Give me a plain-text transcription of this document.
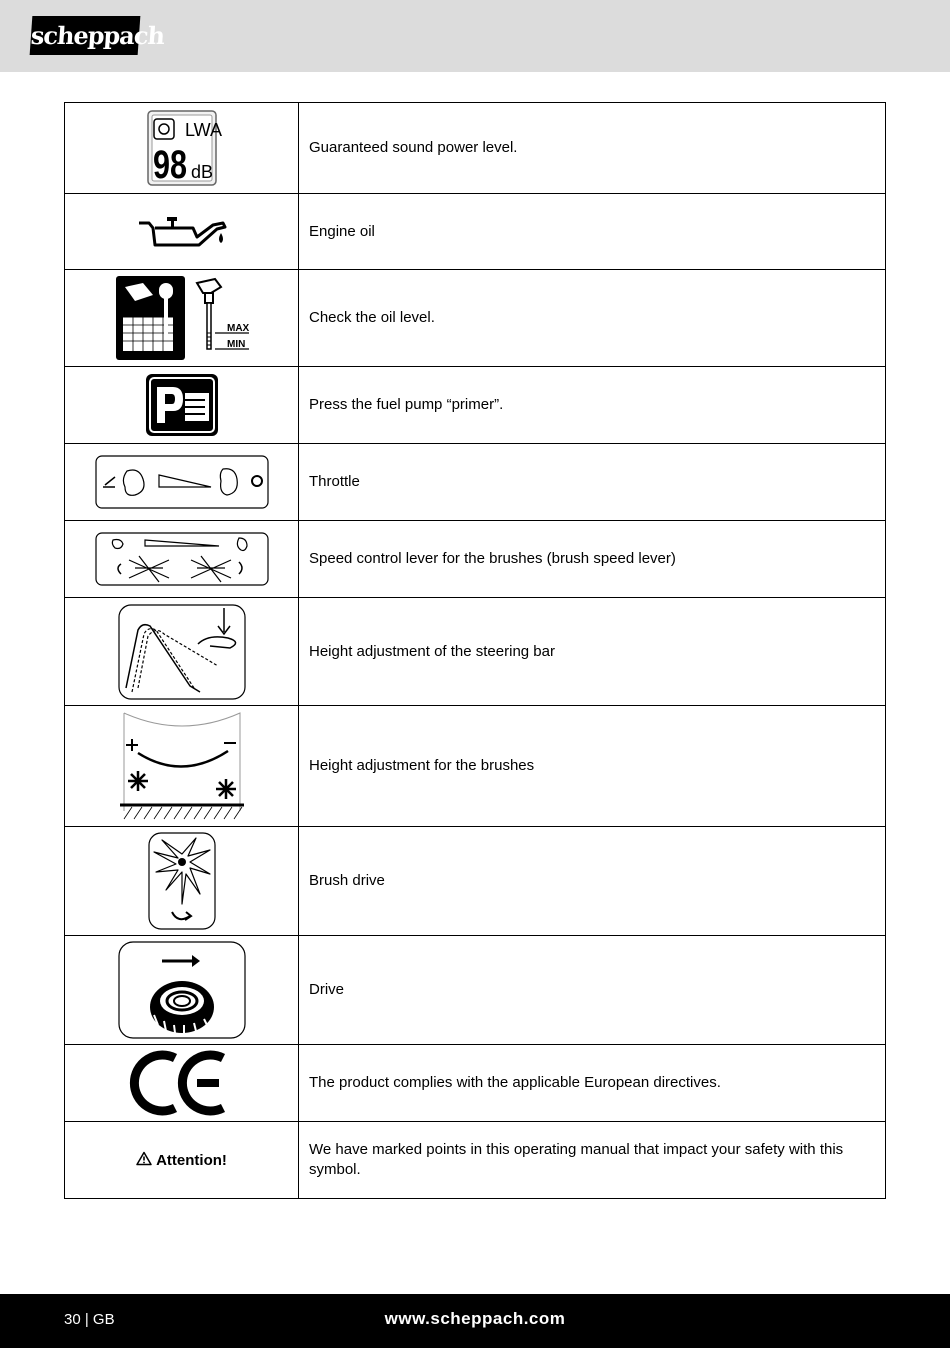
scheppach
LWA
98 dB	Guaranteed sound power level.
	Engine oil

MAX
MIN	Check the oil level.
	Press the fuel pump “primer”.
	Throttle
	Speed control lever for the brushes (brush speed lever)
	Height adjustment of the steering bar
	Height adjustment for the brushes
	Brush drive
	Drive
	The product complies with the applicable European directives.
Attention!	We have marked points in this operating manual that impact your safety with this symbol.
30 | GB	www.scheppach.com
